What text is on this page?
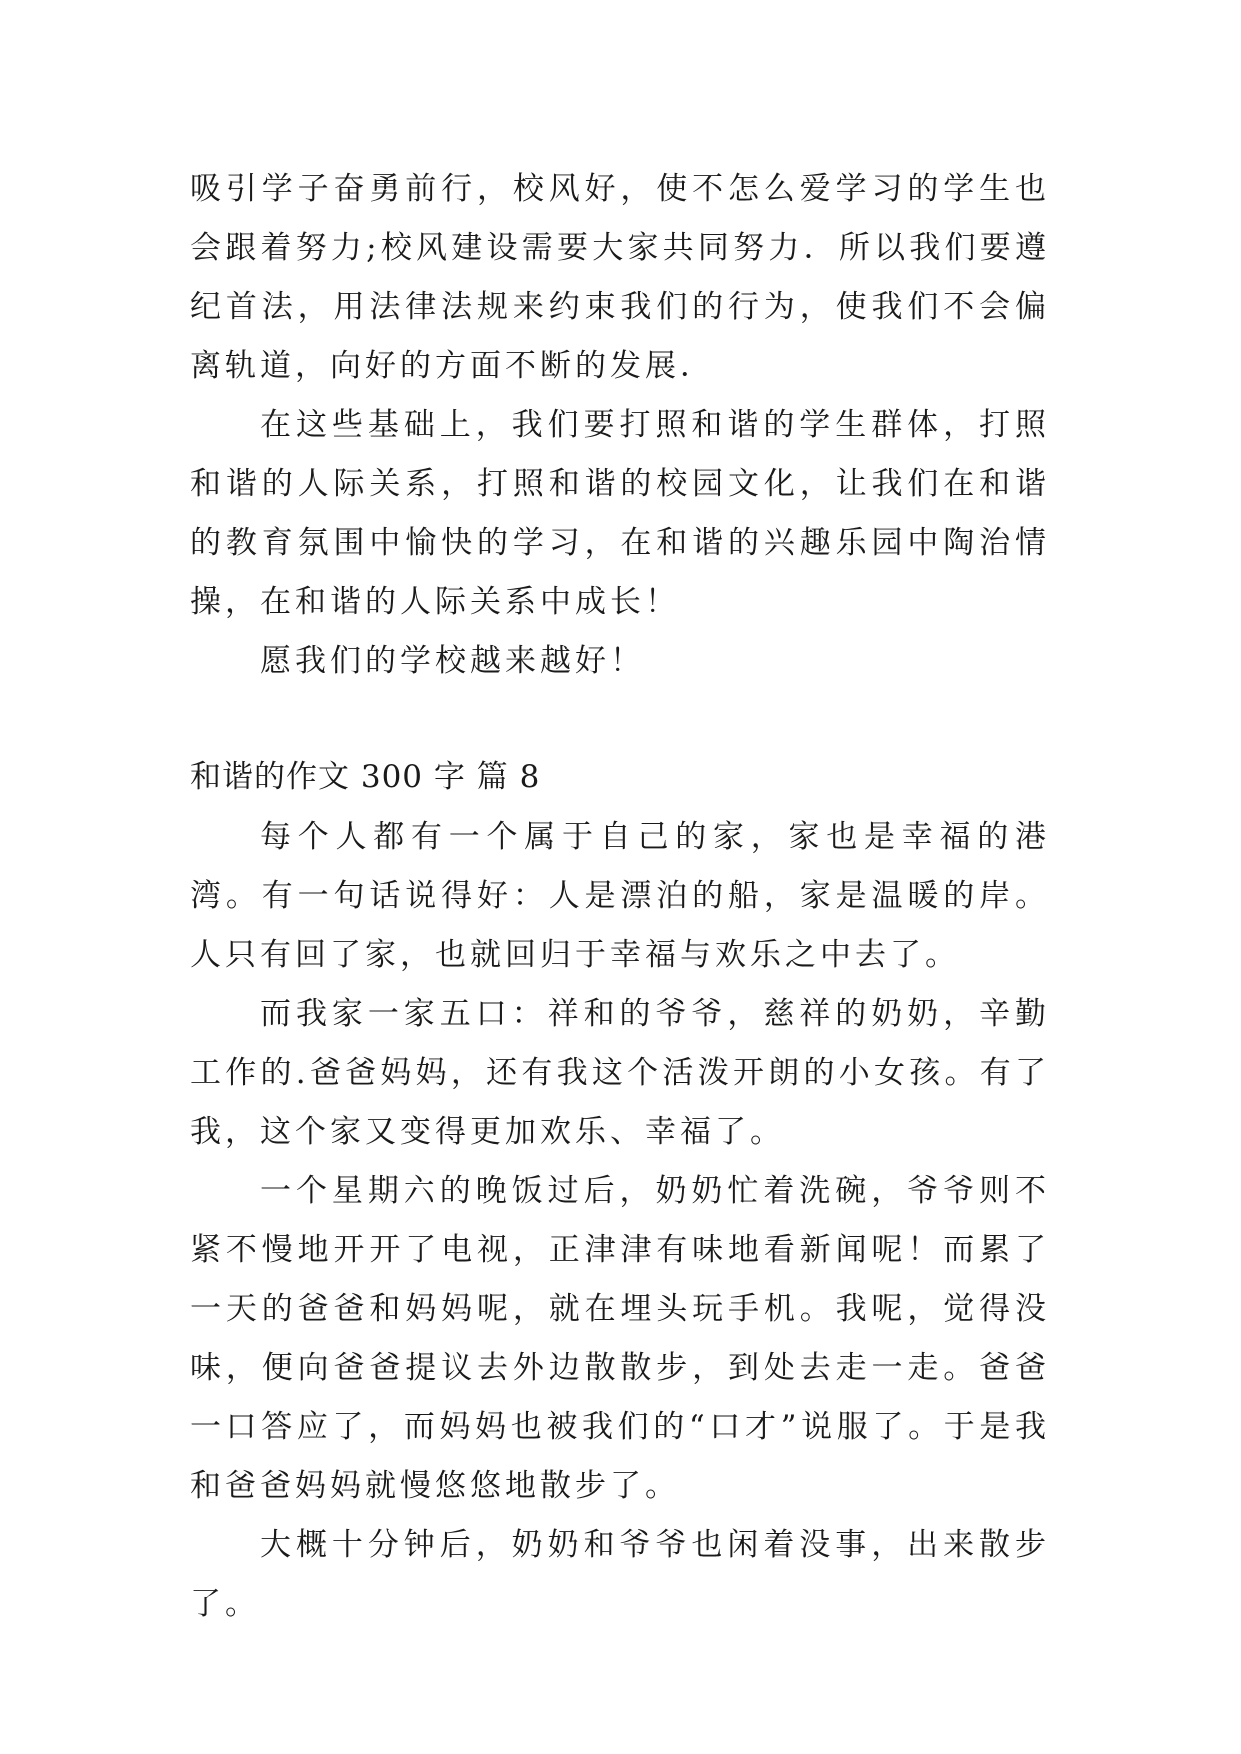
吸引学子奋勇前行，校风好，使不怎么爱学习的学生也会跟着努力;校风建设需要大家共同努力．所以我们要遵纪首法，用法律法规来约束我们的行为，使我们不会偏离轨道，向好的方面不断的发展．

在这些基础上，我们要打照和谐的学生群体，打照和谐的人际关系，打照和谐的校园文化，让我们在和谐的教育氛围中愉快的学习，在和谐的兴趣乐园中陶治情操，在和谐的人际关系中成长！

愿我们的学校越来越好！

和谐的作文 300 字 篇 8

每个人都有一个属于自己的家，家也是幸福的港湾。有一句话说得好：人是漂泊的船，家是温暖的岸。人只有回了家，也就回归于幸福与欢乐之中去了。

而我家一家五口：祥和的爷爷，慈祥的奶奶，辛勤工作的.爸爸妈妈，还有我这个活泼开朗的小女孩。有了我，这个家又变得更加欢乐、幸福了。

一个星期六的晚饭过后，奶奶忙着洗碗，爷爷则不紧不慢地开开了电视，正津津有味地看新闻呢！而累了一天的爸爸和妈妈呢，就在埋头玩手机。我呢，觉得没味，便向爸爸提议去外边散散步，到处去走一走。爸爸一口答应了，而妈妈也被我们的“口才”说服了。于是我和爸爸妈妈就慢悠悠地散步了。

大概十分钟后，奶奶和爷爷也闲着没事，出来散步了。
